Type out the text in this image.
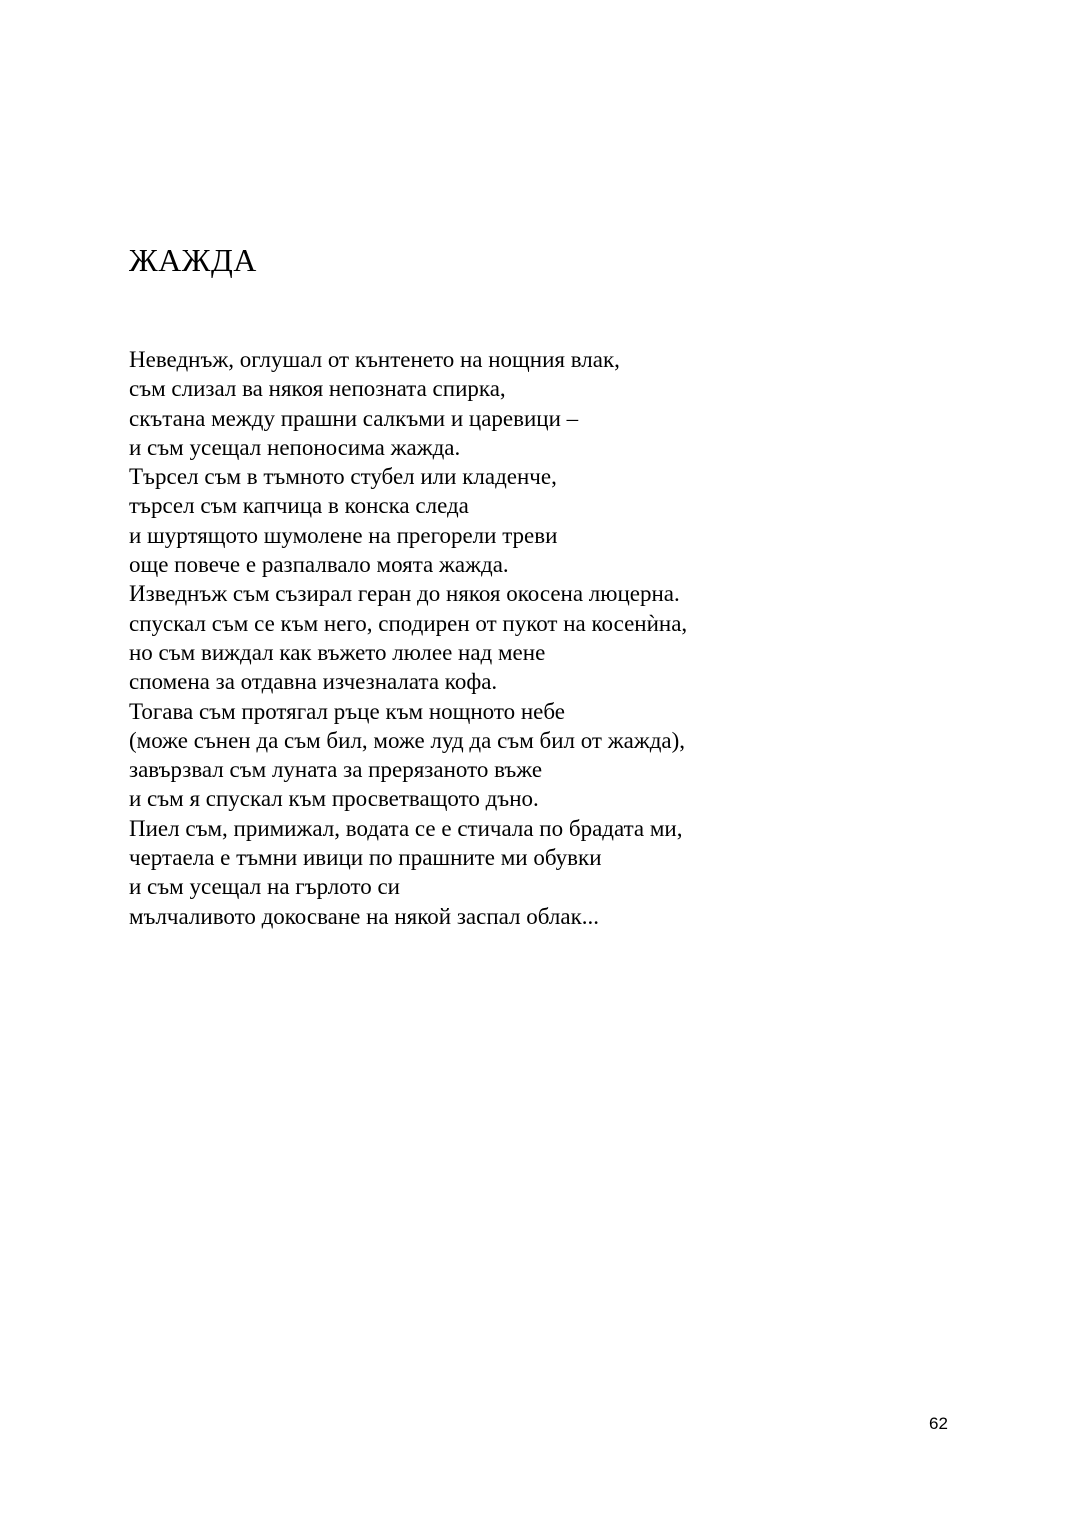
ЖАЖДА
Неведнъж, оглушал от кънтенето на нощния влак,
съм слизал ва някоя непозната спирка,
скътана между прашни салкъми и царевици –
и съм усещал непоносима жажда.
Търсел съм в тъмното стубел или кладенче,
търсел съм капчица в конска следа
и шуртящото шумолене на прегорели треви
още повече е разпалвало моята жажда.
Изведнъж съм съзирал геран до някоя окосена люцерна.
спускал съм се към него, сподирен от пукот на косенѝна,
но съм виждал как въжето люлее над мене
спомена за отдавна изчезналата кофа.
Тогава съм протягал ръце към нощното небе
(може сънен да съм бил, може луд да съм бил от жажда),
завързвал съм луната за прерязаното въже
и съм я спускал към просветващото дъно.
Пиел съм, примижал, водата се е стичала по брадата ми,
чертаела е тъмни ивици по прашните ми обувки
и съм усещал на гърлото си
мълчаливото докосване на някой заспал облак...
62
